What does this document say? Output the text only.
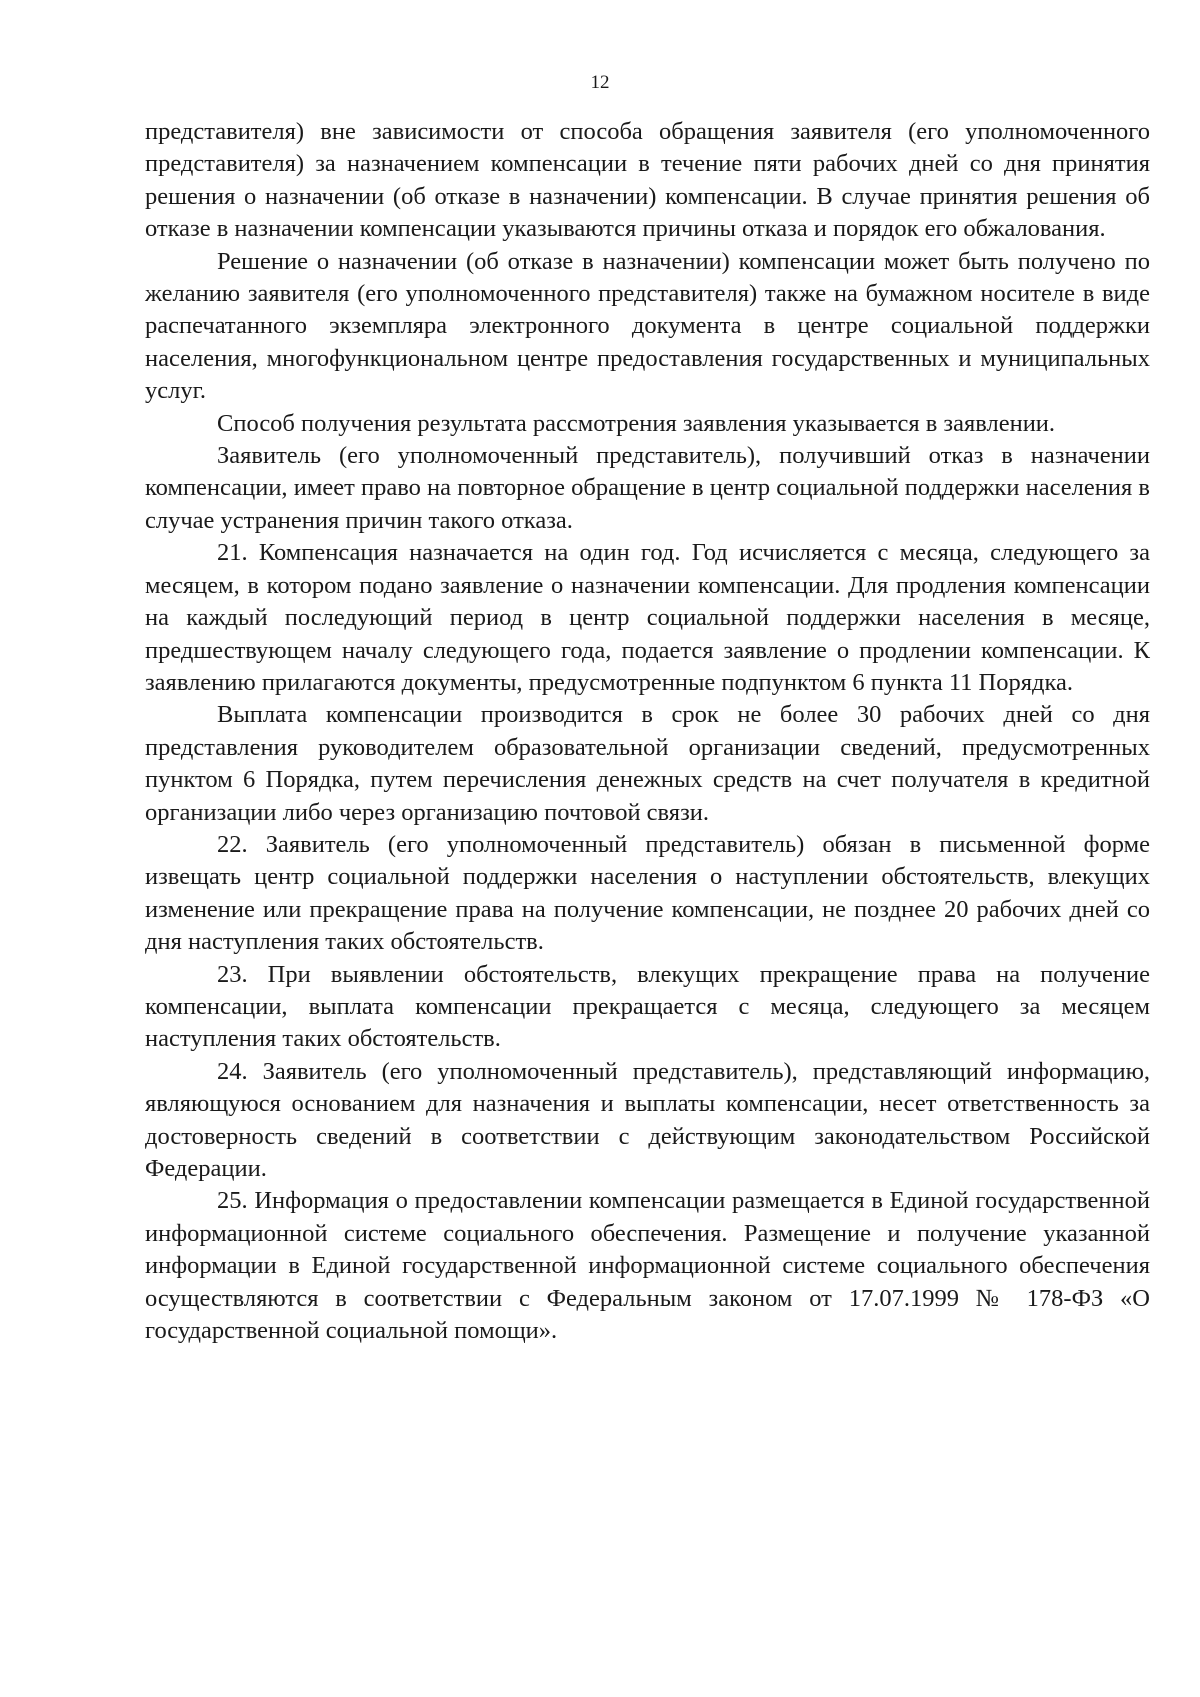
12

представителя) вне зависимости от способа обращения заявителя (его уполномоченного представителя) за назначением компенсации в течение пяти рабочих дней со дня принятия решения о назначении (об отказе в назначении) компенсации. В случае принятия решения об отказе в назначении компенсации указываются причины отказа и порядок его обжалования.

Решение о назначении (об отказе в назначении) компенсации может быть получено по желанию заявителя (его уполномоченного представителя) также на бумажном носителе в виде распечатанного экземпляра электронного документа в центре социальной поддержки населения, многофункциональном центре предоставления государственных и муниципальных услуг.

Способ получения результата рассмотрения заявления указывается в заявлении.

Заявитель (его уполномоченный представитель), получивший отказ в назначении компенсации, имеет право на повторное обращение в центр социальной поддержки населения в случае устранения причин такого отказа.

21. Компенсация назначается на один год. Год исчисляется с месяца, следующего за месяцем, в котором подано заявление о назначении компенсации. Для продления компенсации на каждый последующий период в центр социальной поддержки населения в месяце, предшествующем началу следующего года, подается заявление о продлении компенсации. К заявлению прилагаются документы, предусмотренные подпунктом 6 пункта 11 Порядка.

Выплата компенсации производится в срок не более 30 рабочих дней со дня представления руководителем образовательной организации сведений, предусмотренных пунктом 6 Порядка, путем перечисления денежных средств на счет получателя в кредитной организации либо через организацию почтовой связи.

22. Заявитель (его уполномоченный представитель) обязан в письменной форме извещать центр социальной поддержки населения о наступлении обстоятельств, влекущих изменение или прекращение права на получение компенсации, не позднее 20 рабочих дней со дня наступления таких обстоятельств.

23. При выявлении обстоятельств, влекущих прекращение права на получение компенсации, выплата компенсации прекращается с месяца, следующего за месяцем наступления таких обстоятельств.

24. Заявитель (его уполномоченный представитель), представляющий информацию, являющуюся основанием для назначения и выплаты компенсации, несет ответственность за достоверность сведений в соответствии с действующим законодательством Российской Федерации.

25. Информация о предоставлении компенсации размещается в Единой государственной информационной системе социального обеспечения. Размещение и получение указанной информации в Единой государственной информационной системе социального обеспечения осуществляются в соответствии с Федеральным законом от 17.07.1999 № 178-ФЗ «О государственной социальной помощи».
